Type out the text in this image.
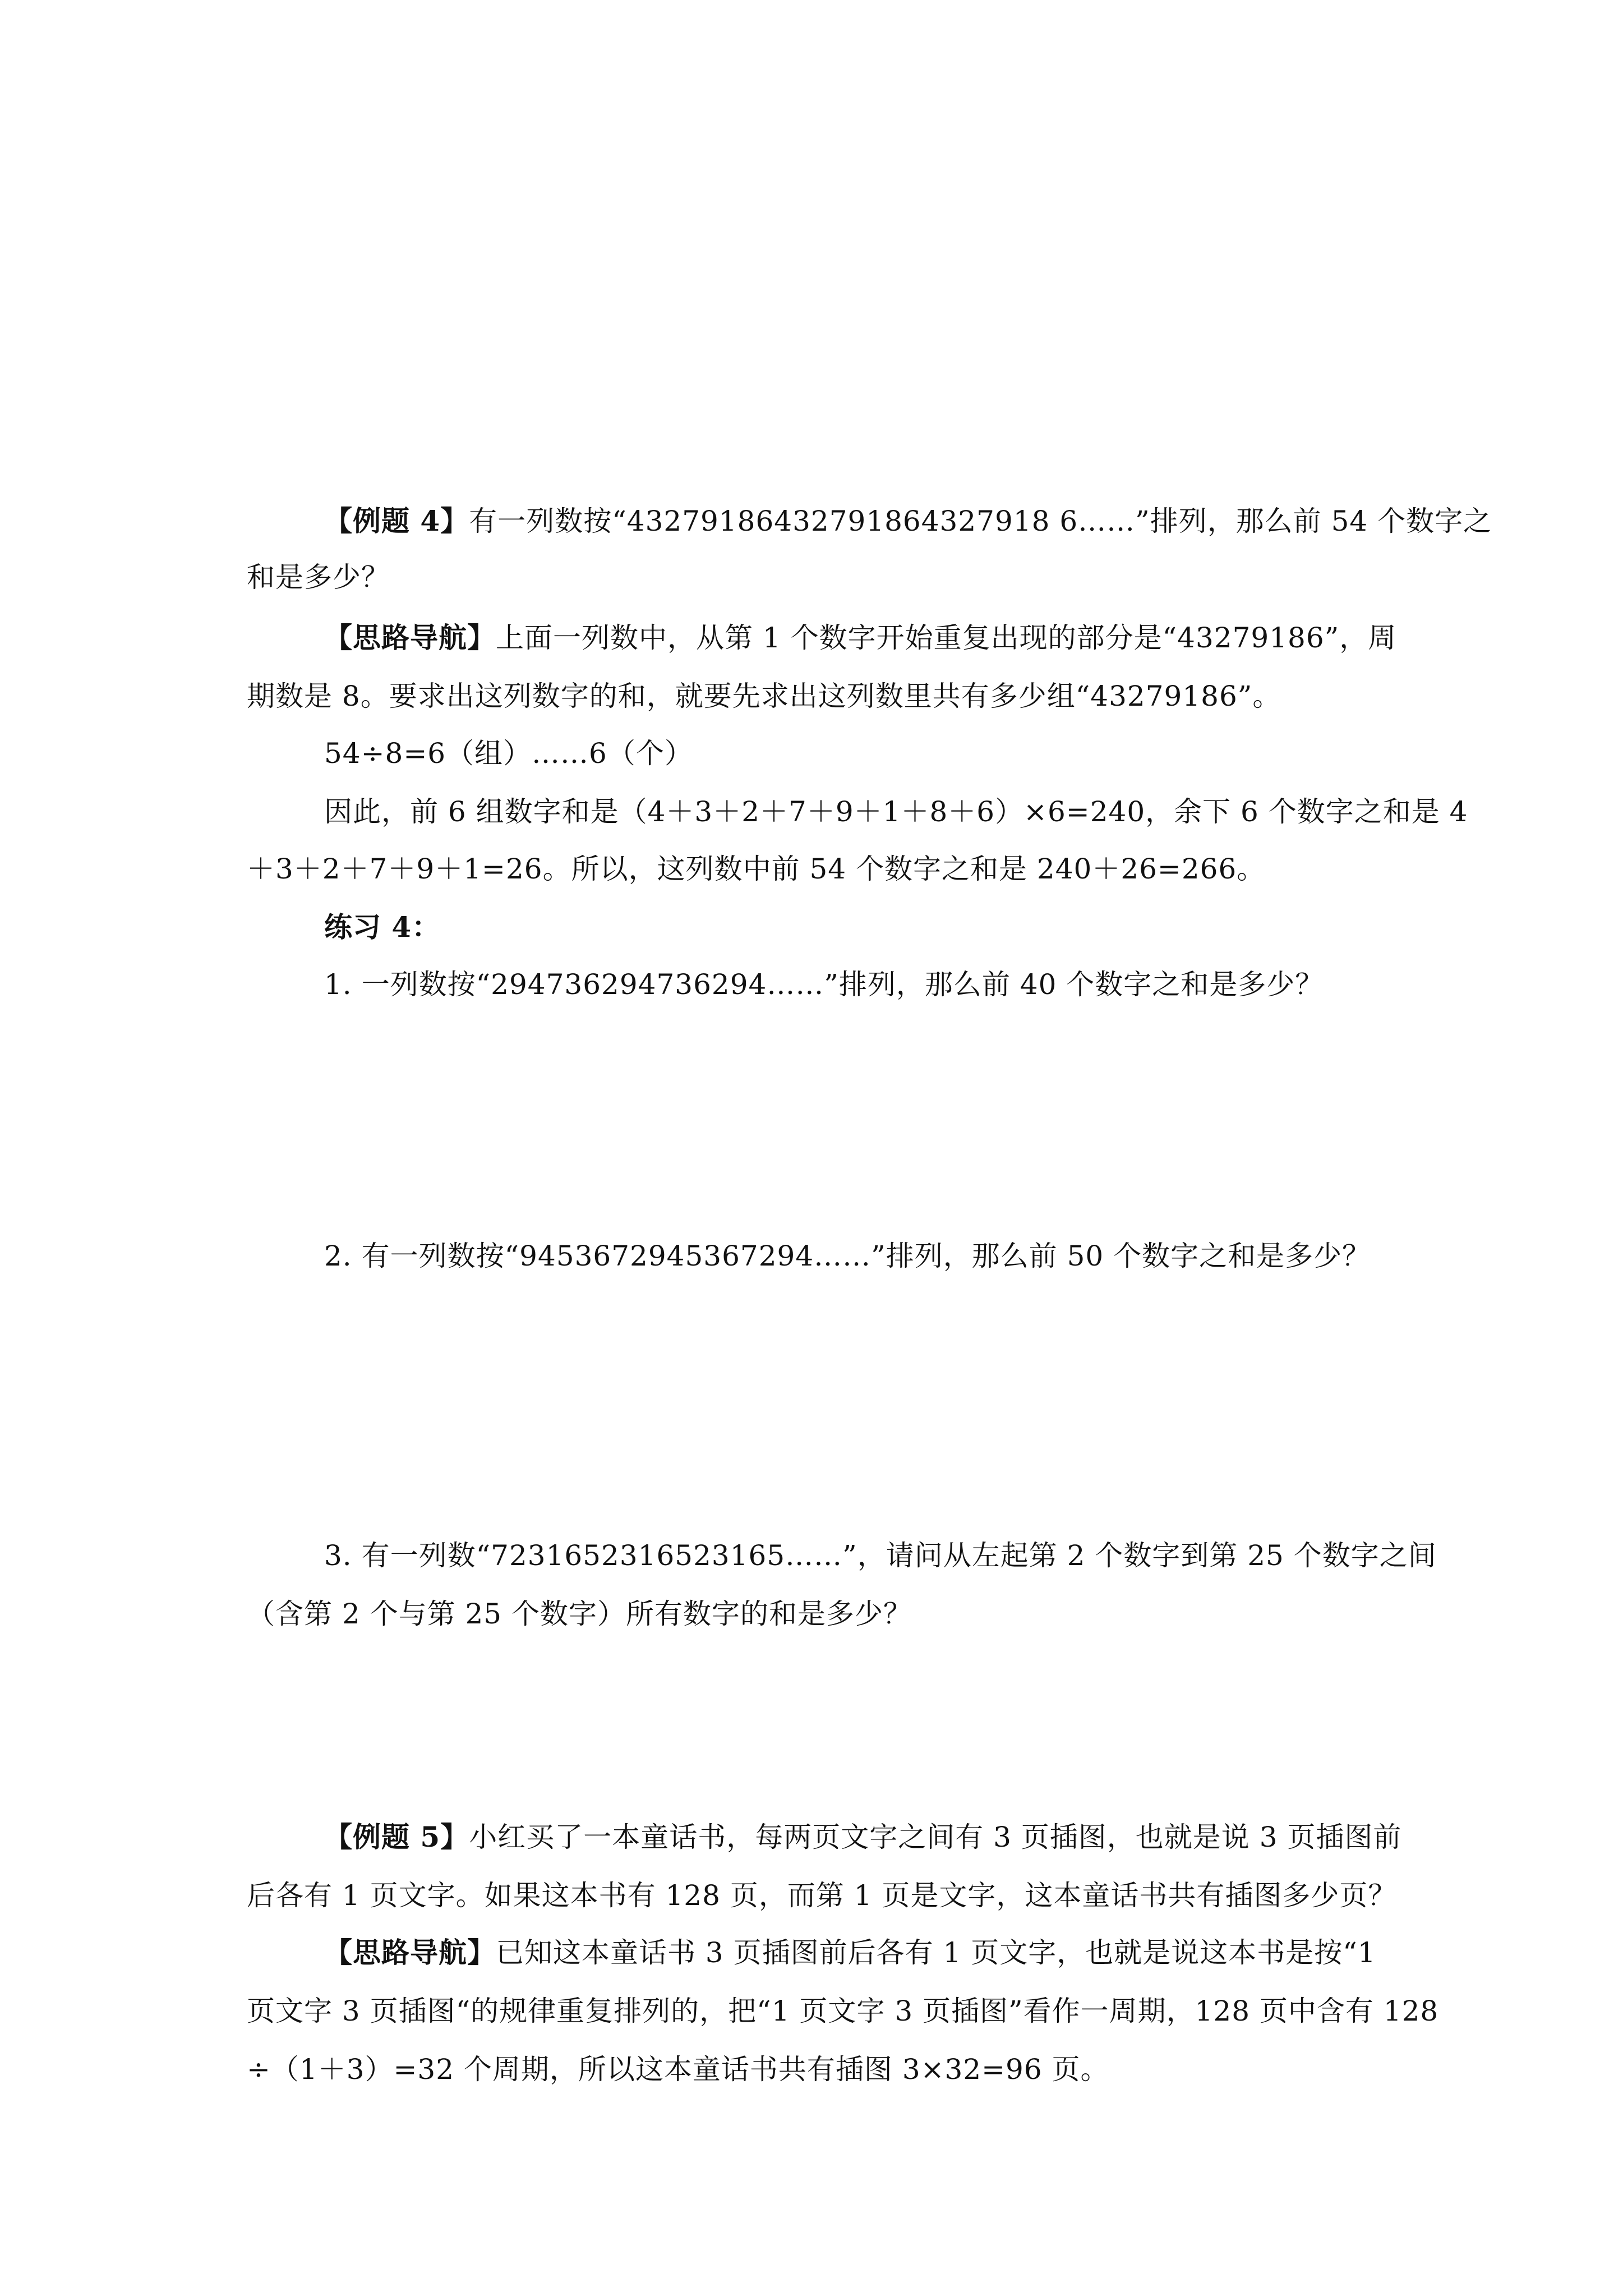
【例题 4】有一列数按“43279186432791864327918 6……”排列，那么前 54 个数字之
和是多少？
【思路导航】上面一列数中，从第 1 个数字开始重复出现的部分是“43279186”，周
期数是 8。要求出这列数字的和，就要先求出这列数里共有多少组“43279186”。
54÷8=6（组）……6（个）
因此，前 6 组数字和是（4＋3＋2＋7＋9＋1＋8＋6）×6=240，余下 6 个数字之和是 4
＋3＋2＋7＋9＋1=26。所以，这列数中前 54 个数字之和是 240＋26=266。
练习 4：
1. 一列数按“294736294736294……”排列，那么前 40 个数字之和是多少？
2. 有一列数按“9453672945367294……”排列，那么前 50 个数字之和是多少？
3. 有一列数“7231652316523165……”，请问从左起第 2 个数字到第 25 个数字之间
（含第 2 个与第 25 个数字）所有数字的和是多少？
【例题 5】小红买了一本童话书，每两页文字之间有 3 页插图，也就是说 3 页插图前
后各有 1 页文字。如果这本书有 128 页，而第 1 页是文字，这本童话书共有插图多少页？
【思路导航】已知这本童话书 3 页插图前后各有 1 页文字，也就是说这本书是按“1
页文字 3 页插图“的规律重复排列的，把“1 页文字 3 页插图”看作一周期，128 页中含有 128
÷（1＋3）=32 个周期，所以这本童话书共有插图 3×32=96 页。
